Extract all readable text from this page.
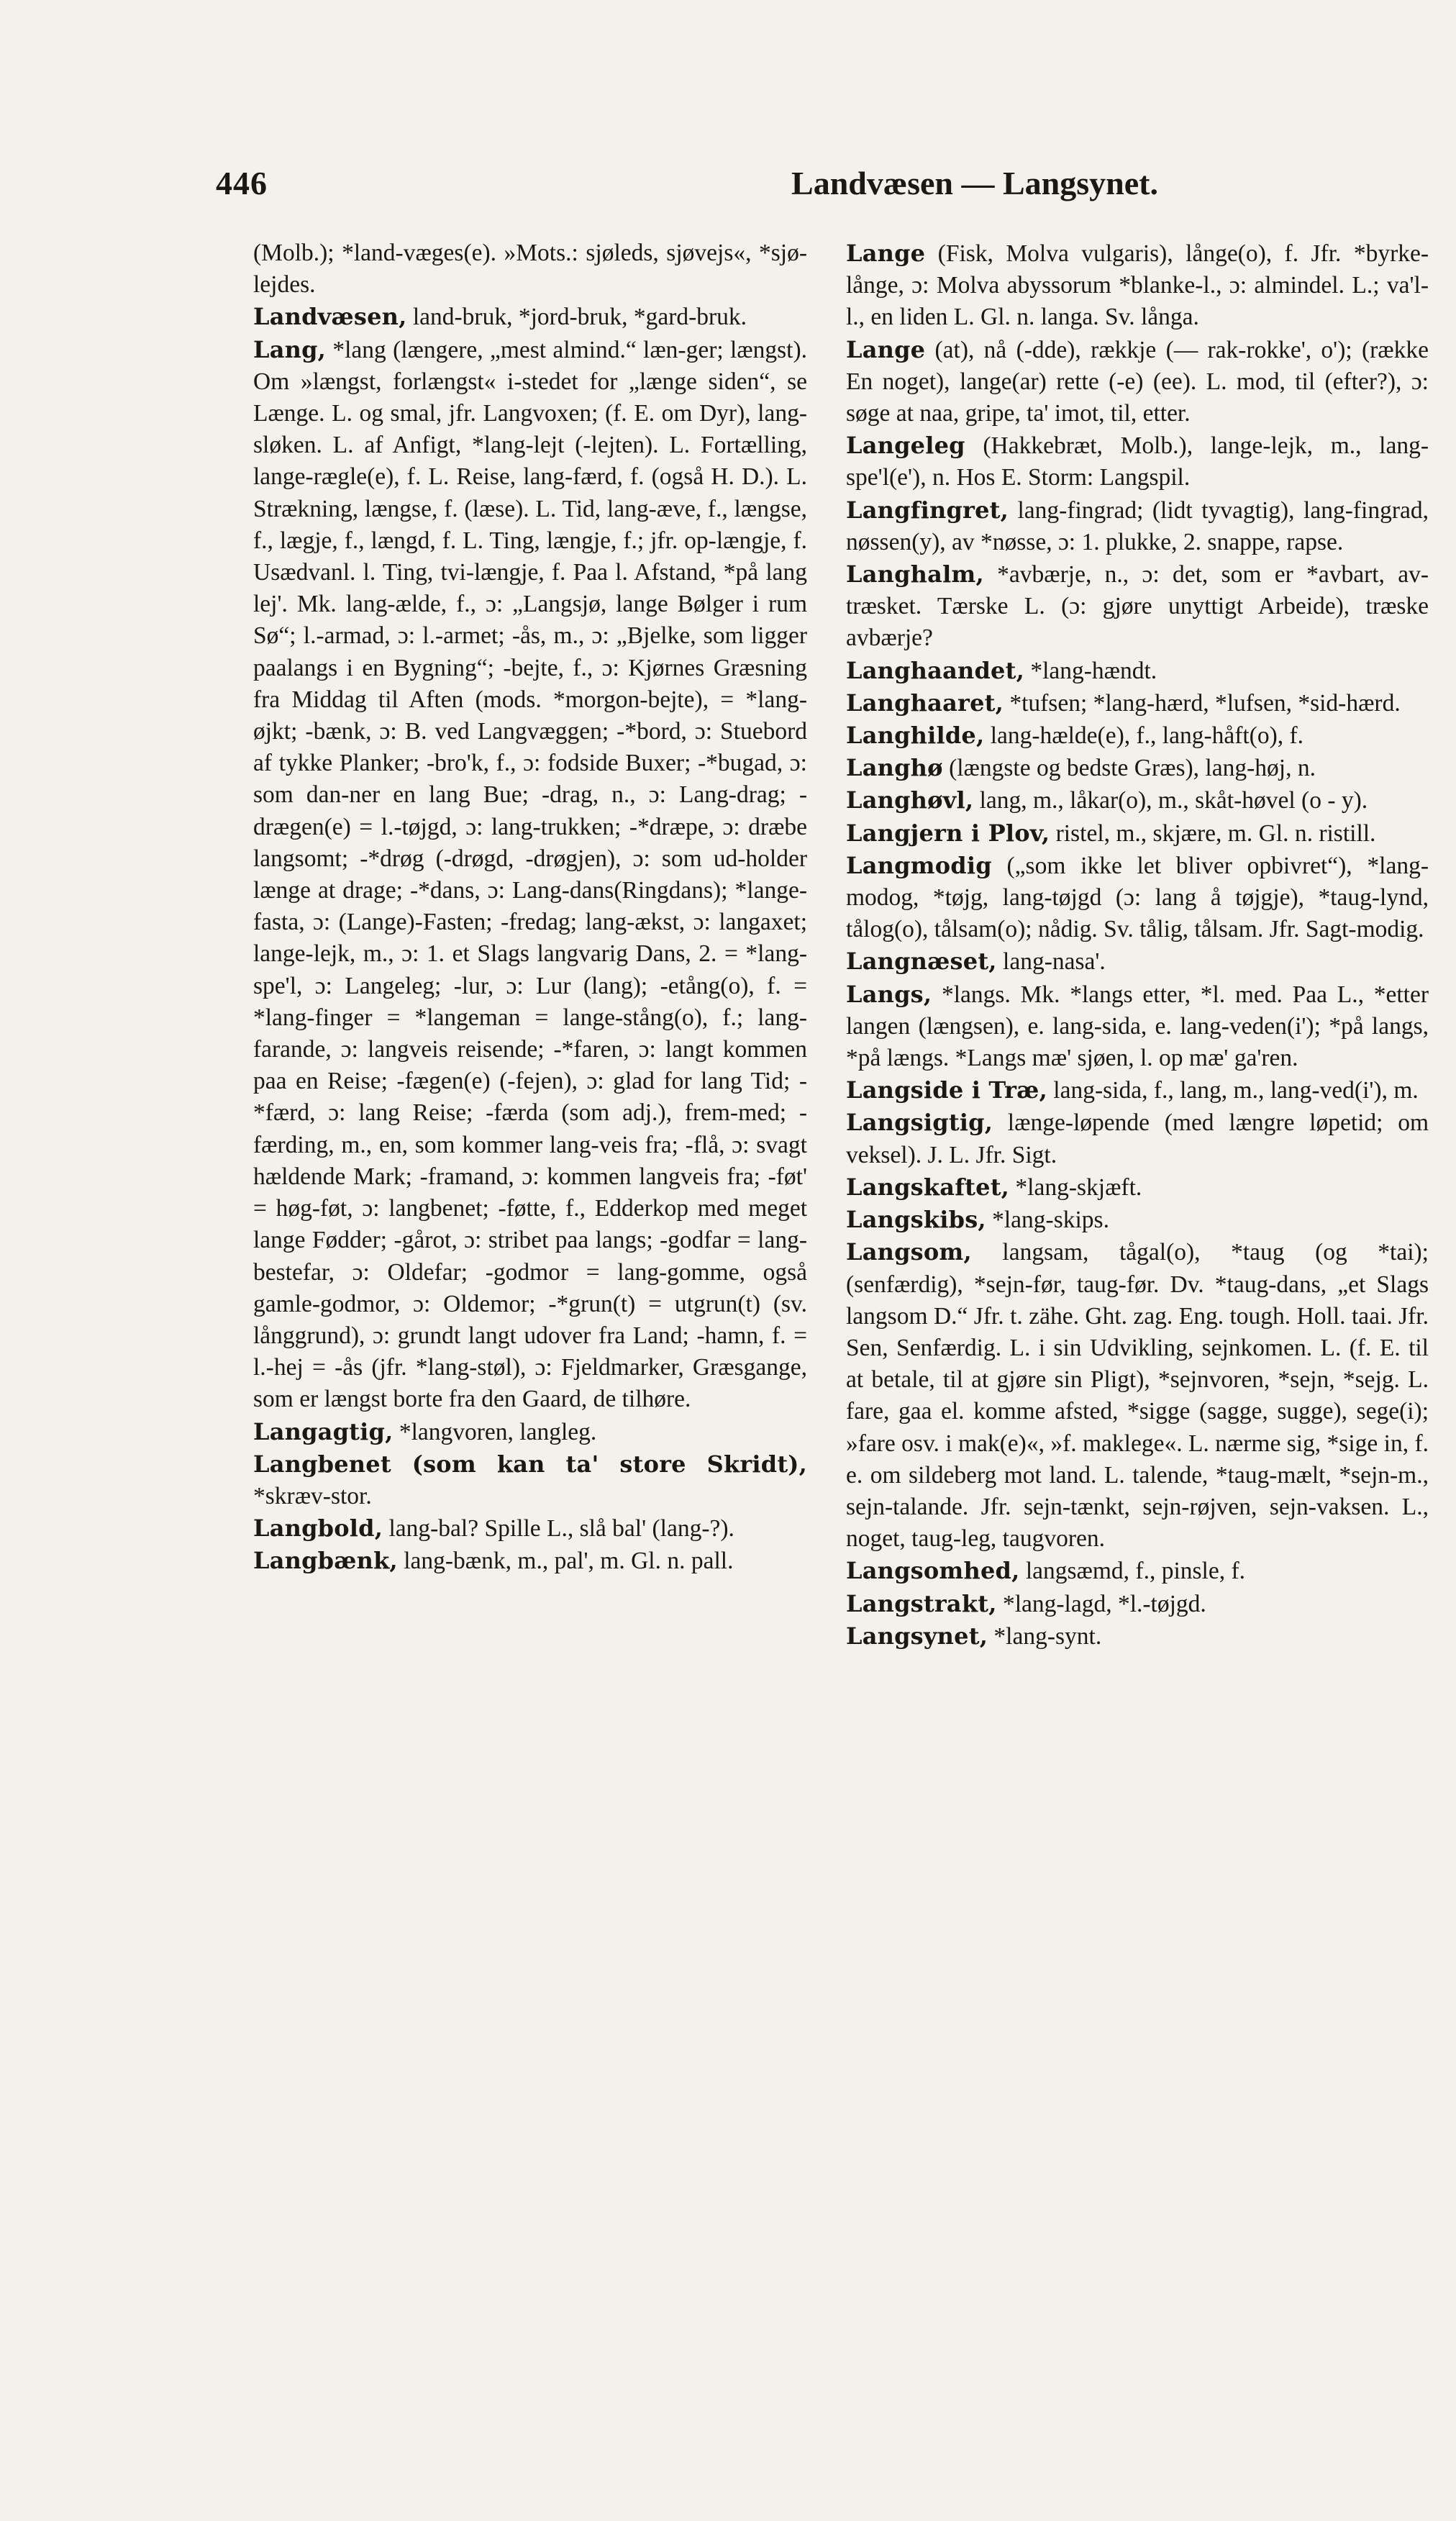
446	Landvæsen — Langsynet.

(Molb.); *land-væges(e). »Mots.: sjøleds, sjøvejs«, *sjø-lejdes.

Landvæsen, land-bruk, *jord-bruk, *gard-bruk.

Lang, *lang (længere, „mest almind.“ læn-ger; længst). Om »længst, forlængst« i-stedet for „længe siden“, se Længe. L. og smal, jfr. Langvoxen; (f. E. om Dyr), lang-sløken. L. af Anfigt, *lang-lejt (-lejten). L. Fortælling, lange-rægle(e), f. L. Reise, lang-færd, f. (også H. D.). L. Strækning, længse, f. (læse). L. Tid, lang-æve, f., længse, f., lægje, f., længd, f. L. Ting, længje, f.; jfr. op-længje, f. Usædvanl. l. Ting, tvi-længje, f. Paa l. Afstand, *på lang lej'. Mk. lang-ælde, f., ɔ: „Langsjø, lange Bølger i rum Sø“; l.-armad, ɔ: l.-armet; -ås, m., ɔ: „Bjelke, som ligger paalangs i en Bygning“; -bejte, f., ɔ: Kjørnes Græsning fra Middag til Aften (mods. *morgon-bejte), = *lang-øjkt; -bænk, ɔ: B. ved Langvæggen; -*bord, ɔ: Stuebord af tykke Planker; -bro'k, f., ɔ: fodside Buxer; -*bugad, ɔ: som dan-ner en lang Bue; -drag, n., ɔ: Lang-drag; -drægen(e) = l.-tøjgd, ɔ: lang-trukken; -*dræpe, ɔ: dræbe langsomt; -*drøg (-drøgd, -drøgjen), ɔ: som ud-holder længe at drage; -*dans, ɔ: Lang-dans(Ringdans); *lange-fasta, ɔ: (Lange)-Fasten; -fredag; lang-ækst, ɔ: langaxet; lange-lejk, m., ɔ: 1. et Slags langvarig Dans, 2. = *lang-spe'l, ɔ: Langeleg; -lur, ɔ: Lur (lang); -etång(o), f. = *lang-finger = *langeman = lange-stång(o), f.; lang-farande, ɔ: langveis reisende; -*faren, ɔ: langt kommen paa en Reise; -fægen(e) (-fejen), ɔ: glad for lang Tid; -*færd, ɔ: lang Reise; -færda (som adj.), frem-med; -færding, m., en, som kommer lang-veis fra; -flå, ɔ: svagt hældende Mark; -framand, ɔ: kommen langveis fra; -føt' = høg-føt, ɔ: langbenet; -føtte, f., Edderkop med meget lange Fødder; -gårot, ɔ: stribet paa langs; -godfar = lang-bestefar, ɔ: Oldefar; -godmor = lang-gomme, også gamle-godmor, ɔ: Oldemor; -*grun(t) = utgrun(t) (sv. långgrund), ɔ: grundt langt udover fra Land; -hamn, f. = l.-hej = -ås (jfr. *lang-støl), ɔ: Fjeldmarker, Græsgange, som er længst borte fra den Gaard, de tilhøre.

Langagtig, *langvoren, langleg.

Langbenet (som kan ta' store Skridt), *skræv-stor.

Langbold, lang-bal? Spille L., slå bal' (lang-?).

Langbænk, lang-bænk, m., pal', m. Gl. n. pall.

Lange (Fisk, Molva vulgaris), långe(o), f. Jfr. *byrke-långe, ɔ: Molva abyssorum *blanke-l., ɔ: almindel. L.; va'l-l., en liden L. Gl. n. langa. Sv. långa.

Lange (at), nå (-dde), rækkje (— rak-rokke', o'); (række En noget), lange(ar) rette (-e) (ee). L. mod, til (efter?), ɔ: søge at naa, gripe, ta' imot, til, etter.

Langeleg (Hakkebræt, Molb.), lange-lejk, m., lang-spe'l(e'), n. Hos E. Storm: Langspil.

Langfingret, lang-fingrad; (lidt tyvagtig), lang-fingrad, nøssen(y), av *nøsse, ɔ: 1. plukke, 2. snappe, rapse.

Langhalm, *avbærje, n., ɔ: det, som er *avbart, av-træsket. Tærske L. (ɔ: gjøre unyttigt Arbeide), træske avbærje?

Langhaandet, *lang-hændt.

Langhaaret, *tufsen; *lang-hærd, *lufsen, *sid-hærd.

Langhilde, lang-hælde(e), f., lang-håft(o), f.

Langhø (længste og bedste Græs), lang-høj, n.

Langhøvl, lang, m., låkar(o), m., skåt-høvel (o - y).

Langjern i Plov, ristel, m., skjære, m. Gl. n. ristill.

Langmodig („som ikke let bliver opbivret“), *lang-modog, *tøjg, lang-tøjgd (ɔ: lang å tøjgje), *taug-lynd, tålog(o), tålsam(o); nådig. Sv. tålig, tålsam. Jfr. Sagt-modig.

Langnæset, lang-nasa'.

Langs, *langs. Mk. *langs etter, *l. med. Paa L., *etter langen (længsen), e. lang-sida, e. lang-veden(i'); *på langs, *på længs. *Langs mæ' sjøen, l. op mæ' ga'ren.

Langside i Træ, lang-sida, f., lang, m., lang-ved(i'), m.

Langsigtig, længe-løpende (med længre løpetid; om veksel). J. L. Jfr. Sigt.

Langskaftet, *lang-skjæft.

Langskibs, *lang-skips.

Langsom, langsam, tågal(o), *taug (og *tai); (senfærdig), *sejn-før, taug-før. Dv. *taug-dans, „et Slags langsom D.“ Jfr. t. zähe. Ght. zag. Eng. tough. Holl. taai. Jfr. Sen, Senfærdig. L. i sin Udvikling, sejnkomen. L. (f. E. til at betale, til at gjøre sin Pligt), *sejnvoren, *sejn, *sejg. L. fare, gaa el. komme afsted, *sigge (sagge, sugge), sege(i); »fare osv. i mak(e)«, »f. maklege«. L. nærme sig, *sige in, f. e. om sildeberg mot land. L. talende, *taug-mælt, *sejn-m., sejn-talande. Jfr. sejn-tænkt, sejn-røjven, sejn-vaksen. L., noget, taug-leg, taugvoren.

Langsomhed, langsæmd, f., pinsle, f.

Langstrakt, *lang-lagd, *l.-tøjgd.

Langsynet, *lang-synt.
